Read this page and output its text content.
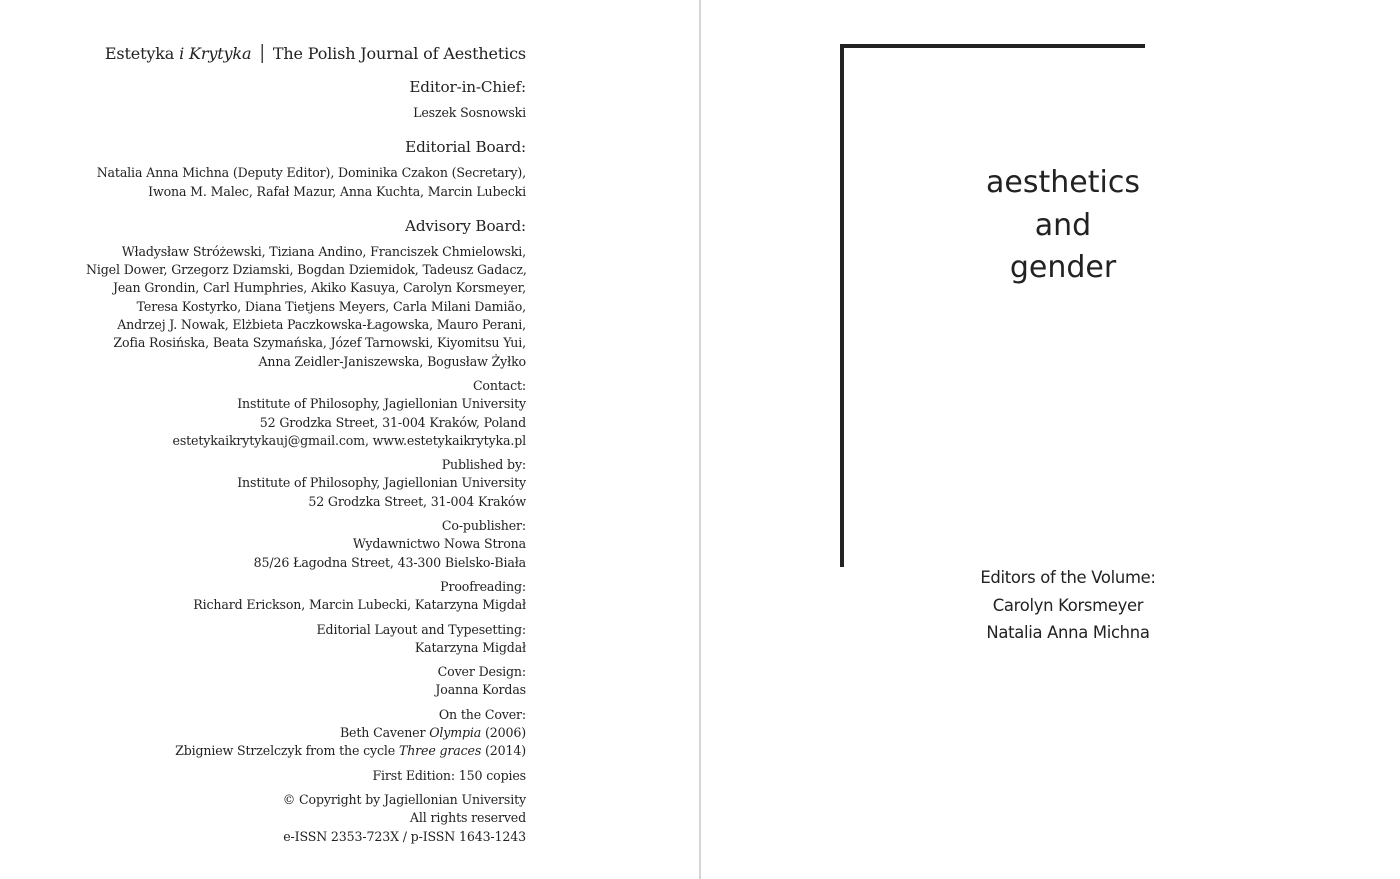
Estetyka i Krytyka │ The Polish Journal of Aesthetics
Editor-in-Chief:
Leszek Sosnowski
Editorial Board:
Natalia Anna Michna (Deputy Editor), Dominika Czakon (Secretary),
Iwona M. Malec, Rafał Mazur, Anna Kuchta, Marcin Lubecki
Advisory Board:
Władysław Stróżewski, Tiziana Andino, Franciszek Chmielowski,
Nigel Dower, Grzegorz Dziamski, Bogdan Dziemidok, Tadeusz Gadacz,
Jean Grondin, Carl Humphries, Akiko Kasuya, Carolyn Korsmeyer,
Teresa Kostyrko, Diana Tietjens Meyers, Carla Milani Damião,
Andrzej J. Nowak, Elżbieta Paczkowska-Łagowska, Mauro Perani,
Zofia Rosińska, Beata Szymańska, Józef Tarnowski, Kiyomitsu Yui,
Anna Zeidler-Janiszewska, Bogusław Żyłko
Contact:
Institute of Philosophy, Jagiellonian University
52 Grodzka Street, 31-004 Kraków, Poland
estetykaikrytykauj@gmail.com, www.estetykaikrytyka.pl
Published by:
Institute of Philosophy, Jagiellonian University
52 Grodzka Street, 31-004 Kraków
Co-publisher:
Wydawnictwo Nowa Strona
85/26 Łagodna Street, 43-300 Bielsko-Biała
Proofreading:
Richard Erickson, Marcin Lubecki, Katarzyna Migdał
Editorial Layout and Typesetting:
Katarzyna Migdał
Cover Design:
Joanna Kordas
On the Cover:
Beth Cavener Olympia (2006)
Zbigniew Strzelczyk from the cycle Three graces (2014)
First Edition: 150 copies
© Copyright by Jagiellonian University
All rights reserved
e-ISSN 2353-723X / p-ISSN 1643-1243
aesthetics
and
gender
Editors of the Volume:
Carolyn Korsmeyer
Natalia Anna Michna
